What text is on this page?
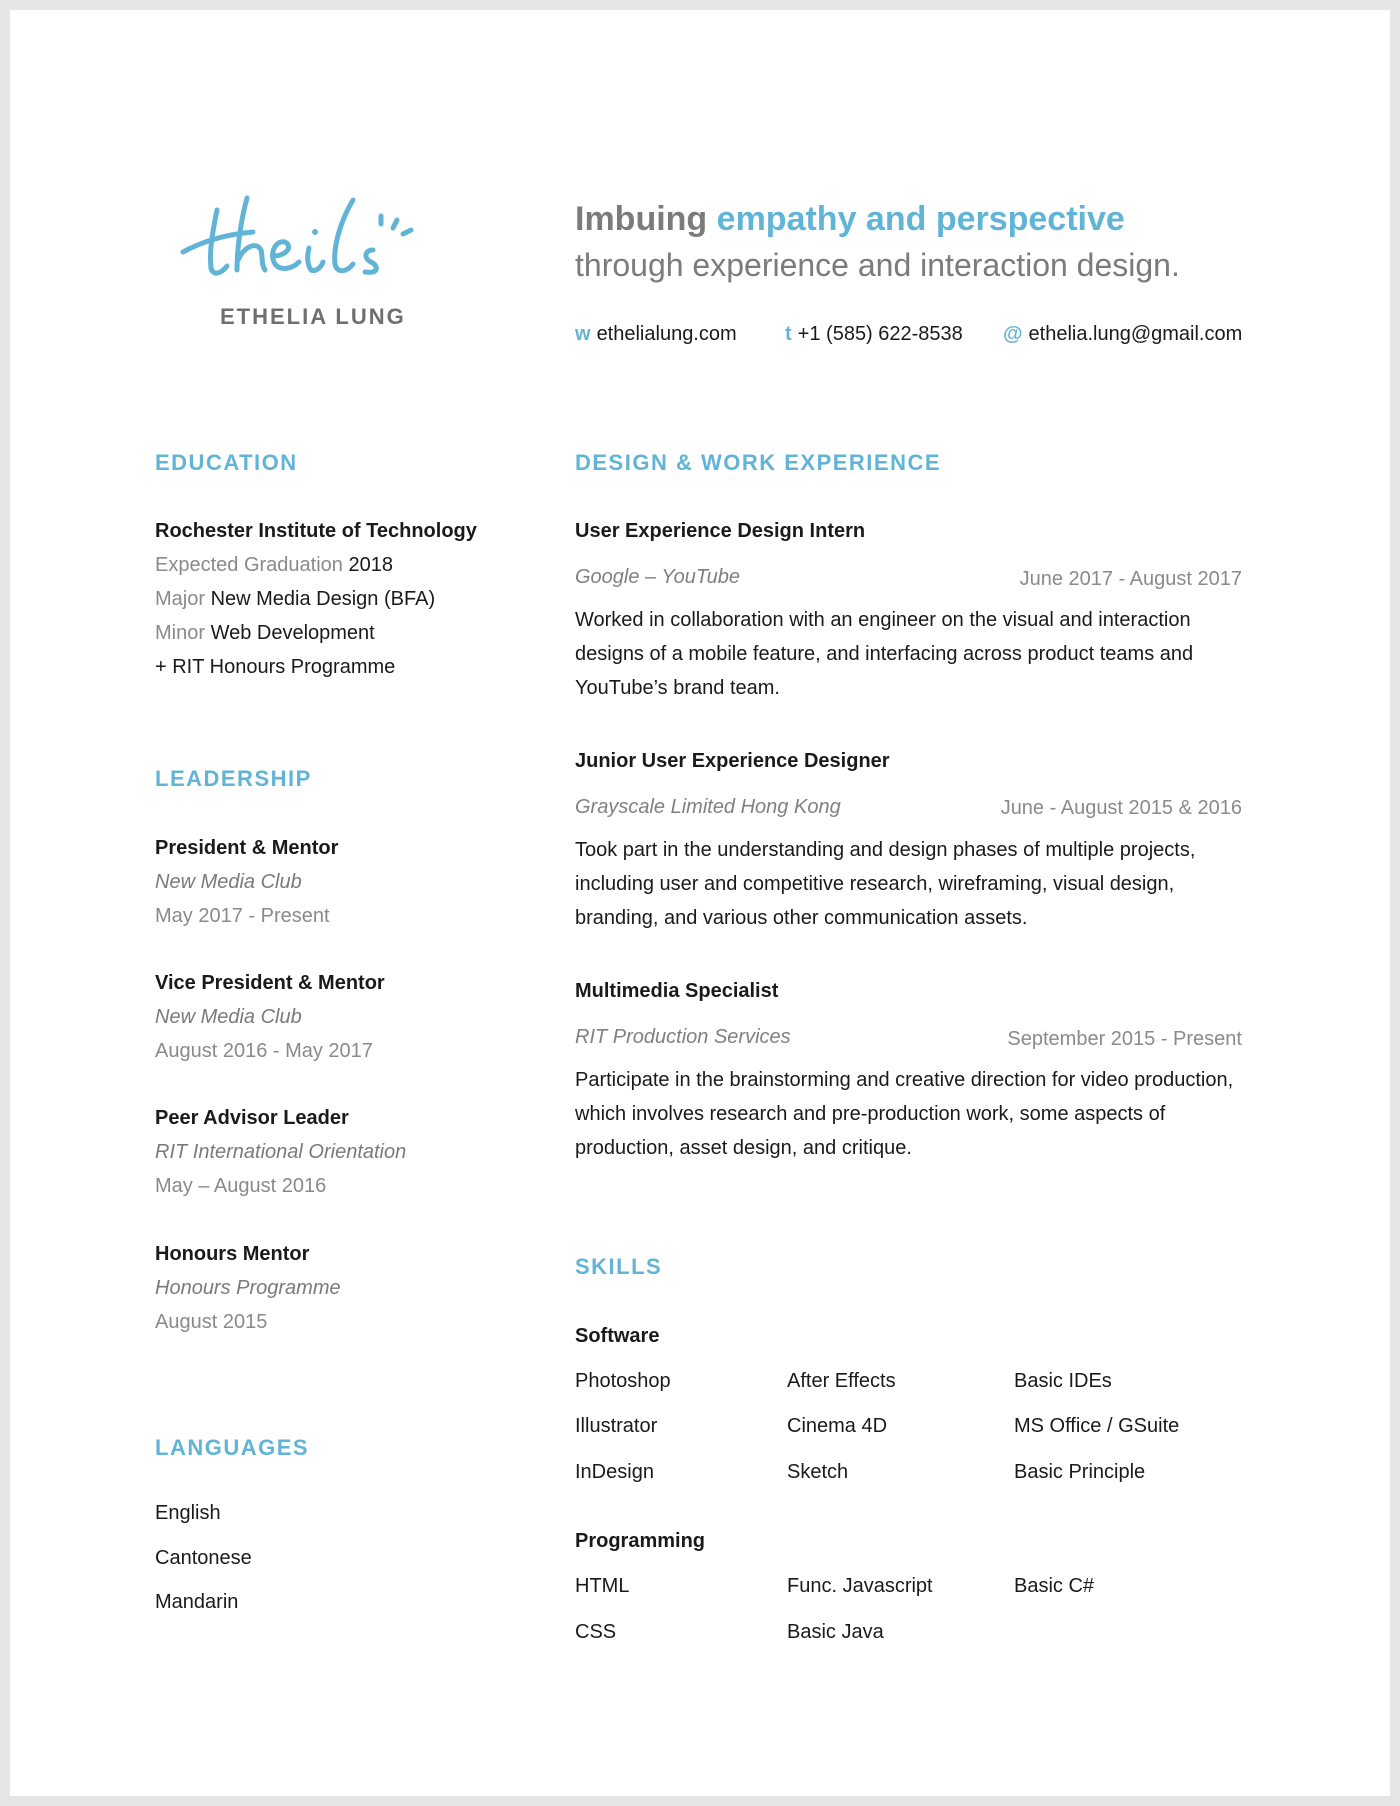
ETHELIA LUNG
Imbuing empathy and perspective
through experience and interaction design.
w ethelialung.com t +1 (585) 622-8538 @ ethelia.lung@gmail.com
EDUCATION
Rochester Institute of Technology
Expected Graduation 2018
Major New Media Design (BFA)
Minor Web Development
+ RIT Honours Programme
LEADERSHIP
President & Mentor
New Media Club
May 2017 - Present
Vice President & Mentor
New Media Club
August 2016 - May 2017
Peer Advisor Leader
RIT International Orientation
May – August 2016
Honours Mentor
Honours Programme
August 2015
LANGUAGES
English
Cantonese
Mandarin
DESIGN & WORK EXPERIENCE
User Experience Design Intern
Google – YouTube	June 2017 - August 2017
Worked in collaboration with an engineer on the visual and interaction designs of a mobile feature, and interfacing across product teams and YouTube’s brand team.
Junior User Experience Designer
Grayscale Limited Hong Kong	June - August 2015 & 2016
Took part in the understanding and design phases of multiple projects, including user and competitive research, wireframing, visual design, branding, and various other communication assets.
Multimedia Specialist
RIT Production Services	September 2015 - Present
Participate in the brainstorming and creative direction for video production, which involves research and pre-production work, some aspects of production, asset design, and critique.
SKILLS
Software
Photoshop	After Effects	Basic IDEs
Illustrator	Cinema 4D	MS Office / GSuite
InDesign	Sketch	Basic Principle
Programming
HTML	Func. Javascript	Basic C#
CSS	Basic Java
